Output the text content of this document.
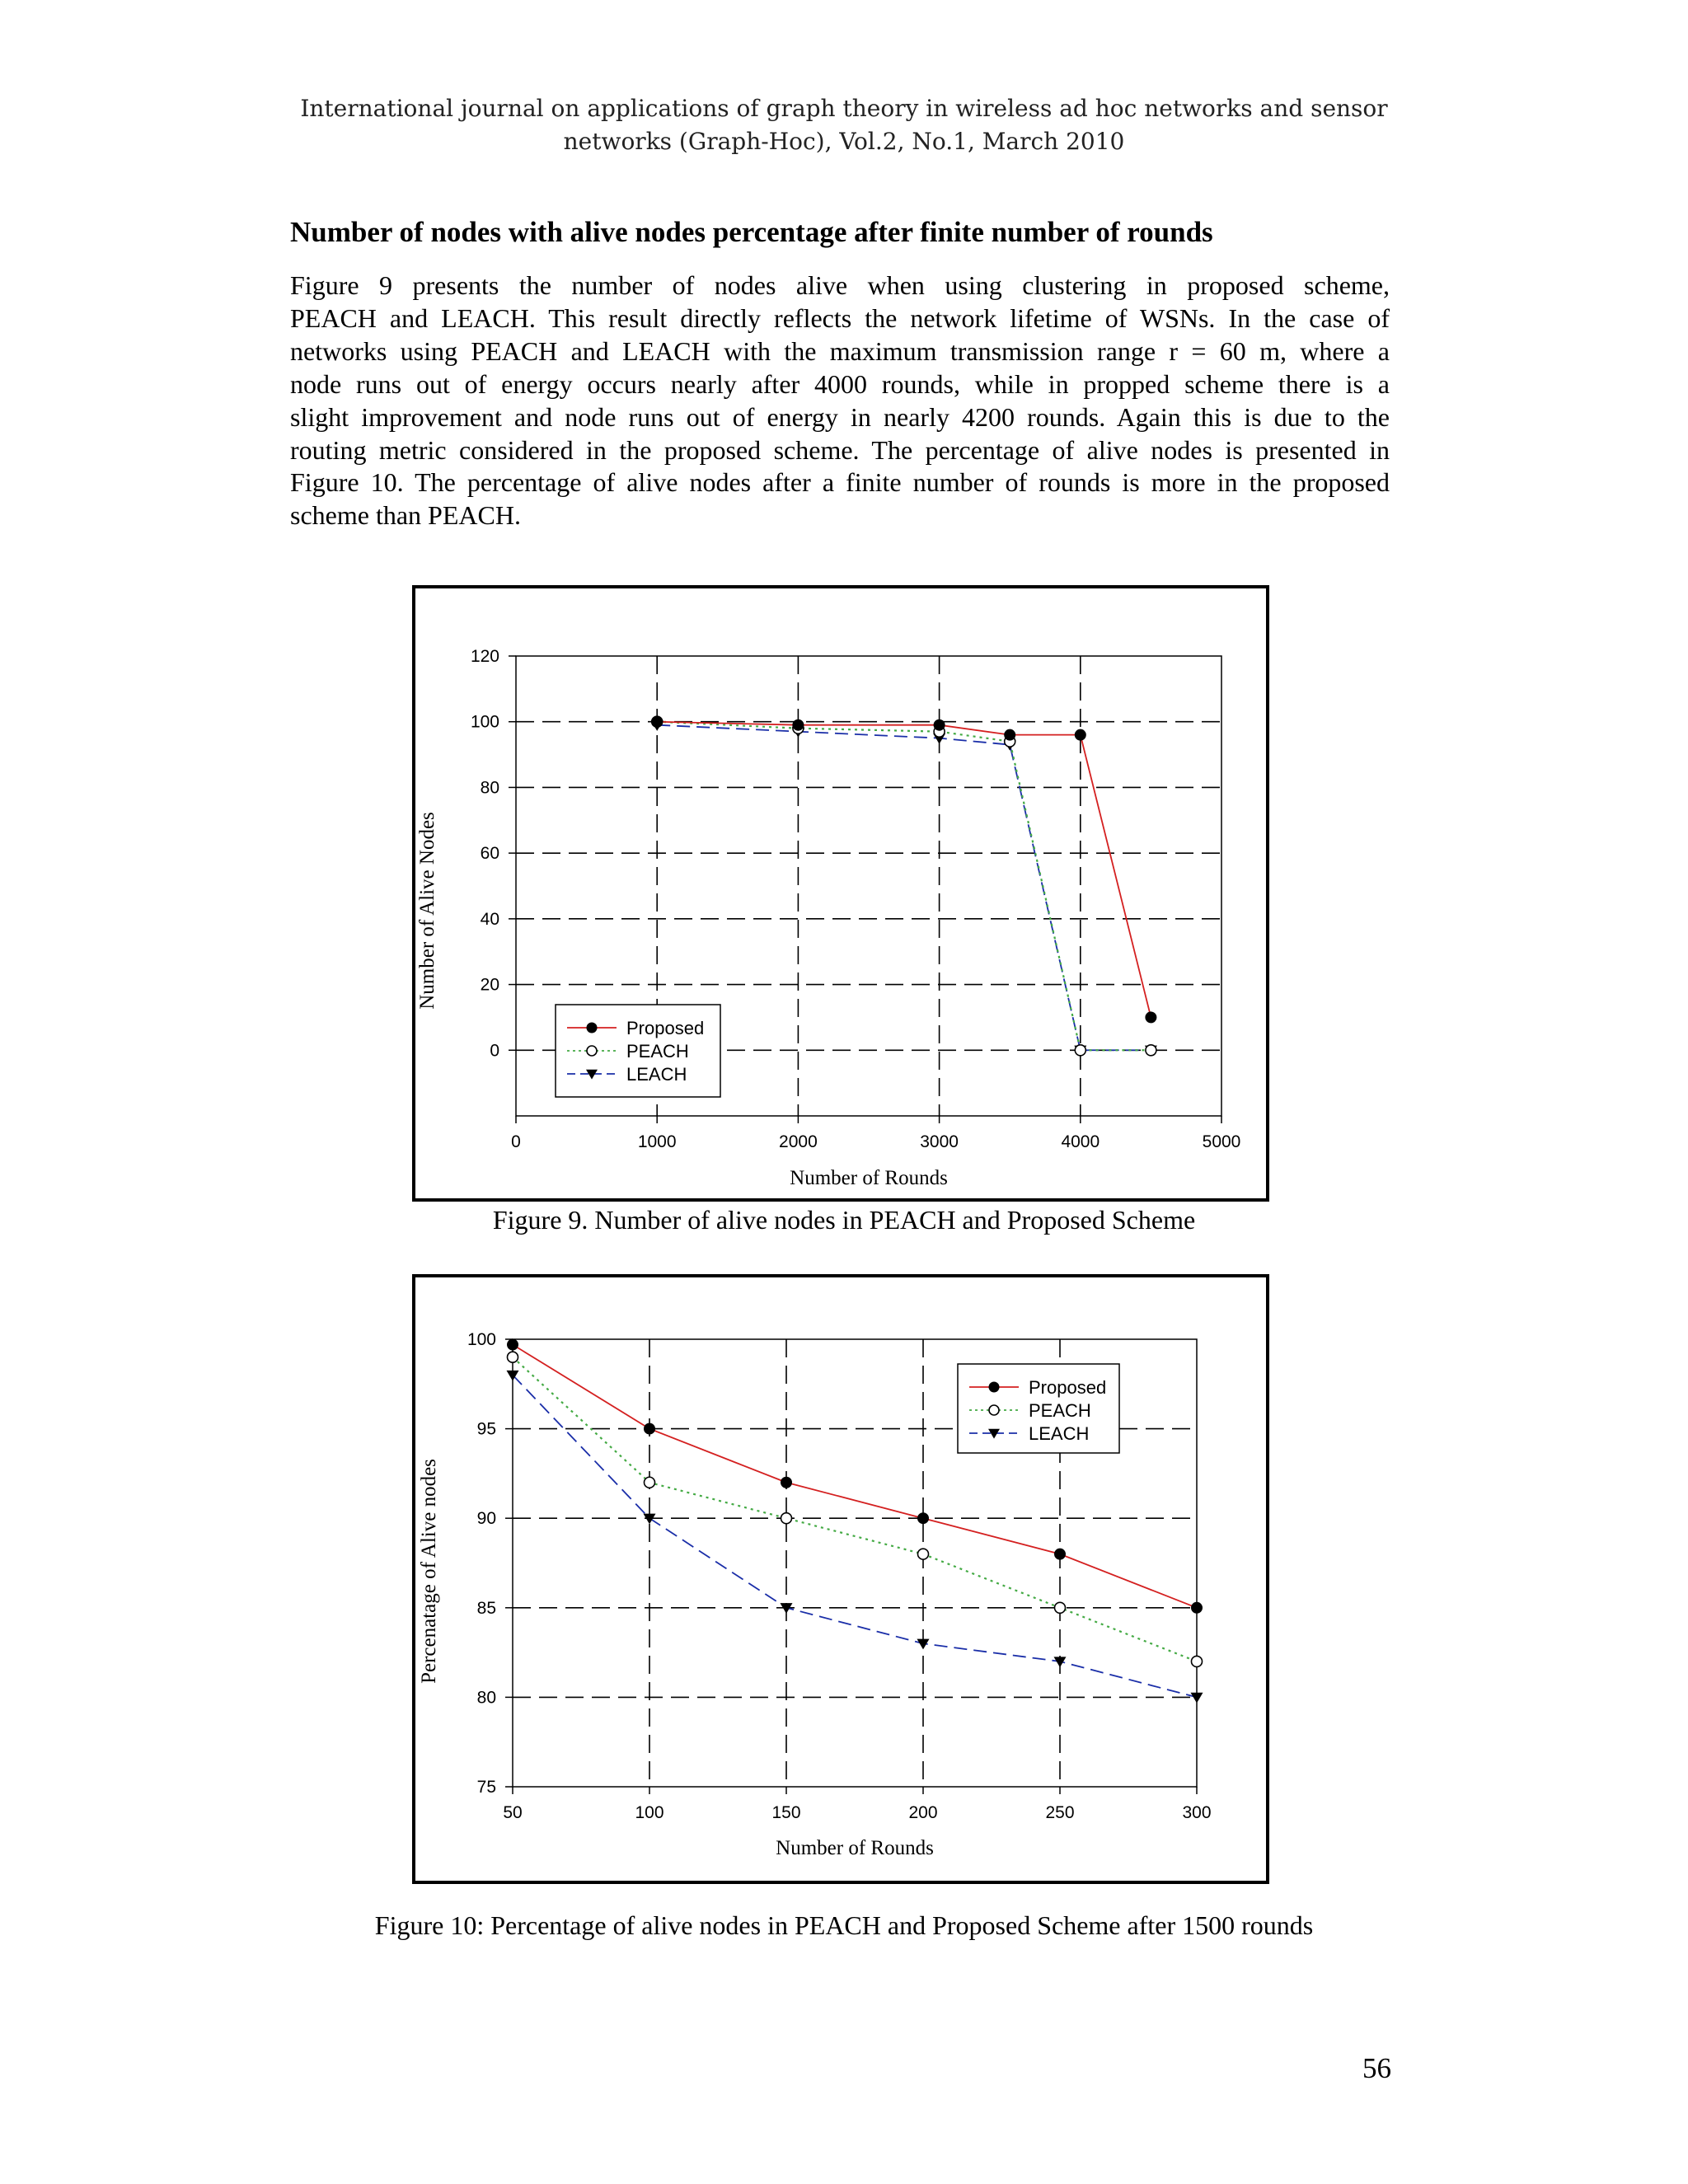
International journal on applications of graph theory in wireless ad hoc networks and sensor
networks (Graph-Hoc), Vol.2, No.1, March 2010
Number of nodes with alive nodes percentage after finite number of rounds
Figure 9 presents the number of nodes alive when using clustering in proposed scheme,
PEACH and LEACH. This result directly reflects the network lifetime of WSNs. In the case of
networks using PEACH and LEACH with the maximum transmission range r = 60 m, where a
node runs out of energy occurs nearly after 4000 rounds, while in propped scheme there is a
slight improvement and node runs out of energy in nearly 4200 rounds. Again this is due to the
routing metric considered in the proposed scheme. The percentage of alive nodes is presented in
Figure 10. The percentage of alive nodes after a finite number of rounds is more in the proposed
scheme than PEACH.
0	1000	2000	3000	4000	5000
0
20
40
60
80
100
120
Number of Rounds
Number of Alive Nodes
Proposed
PEACH
LEACH
Figure 9. Number of alive nodes in PEACH and Proposed Scheme
50	100	150	200	250	300
75
80
85
90
95
100
Number of Rounds
Percenatage of Alive nodes
Proposed
PEACH
LEACH
Figure 10: Percentage of alive nodes in PEACH and Proposed Scheme after 1500 rounds
56
